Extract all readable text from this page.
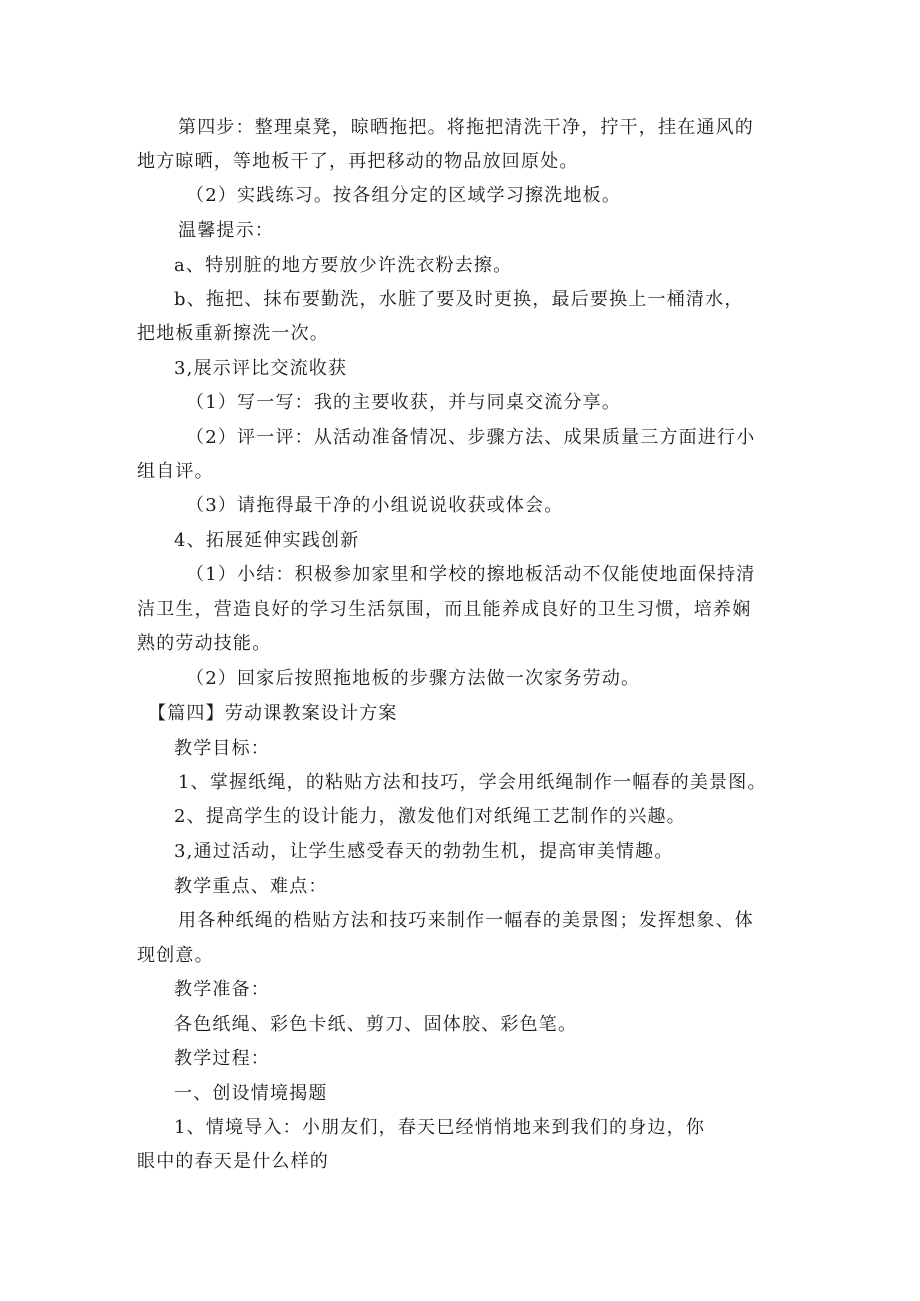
第四步：整理桌凳，晾晒拖把。将拖把清洗干净，拧干，挂在通风的
地方晾晒，等地板干了，再把移动的物品放回原处。
（2）实践练习。按各组分定的区域学习擦洗地板。
温馨提示：
a、特别脏的地方要放少许洗衣粉去擦。
b、拖把、抹布要勤洗，水脏了要及时更换，最后要换上一桶清水，
把地板重新擦洗一次。
3,展示评比交流收获
（1）写一写：我的主要收获，并与同桌交流分享。
（2）评一评：从活动准备情况、步骤方法、成果质量三方面进行小
组自评。
（3）请拖得最干净的小组说说收获或体会。
4、拓展延伸实践创新
（1）小结：积极参加家里和学校的擦地板活动不仅能使地面保持清
洁卫生，营造良好的学习生活氛围，而且能养成良好的卫生习惯，培养娴
熟的劳动技能。
（2）回家后按照拖地板的步骤方法做一次家务劳动。
【篇四】劳动课教案设计方案
教学目标：
1、掌握纸绳，的粘贴方法和技巧，学会用纸绳制作一幅春的美景图。
2、提高学生的设计能力，激发他们对纸绳工艺制作的兴趣。
3,通过活动，让学生感受春天的勃勃生机，提高审美情趣。
教学重点、难点：
用各种纸绳的梏贴方法和技巧来制作一幅春的美景图；发挥想象、体
现创意。
教学准备：
各色纸绳、彩色卡纸、剪刀、固体胶、彩色笔。
教学过程：
一、创设情境揭题
1、情境导入：小朋友们，春天巳经悄悄地来到我们的身边，你
眼中的春天是什么样的
